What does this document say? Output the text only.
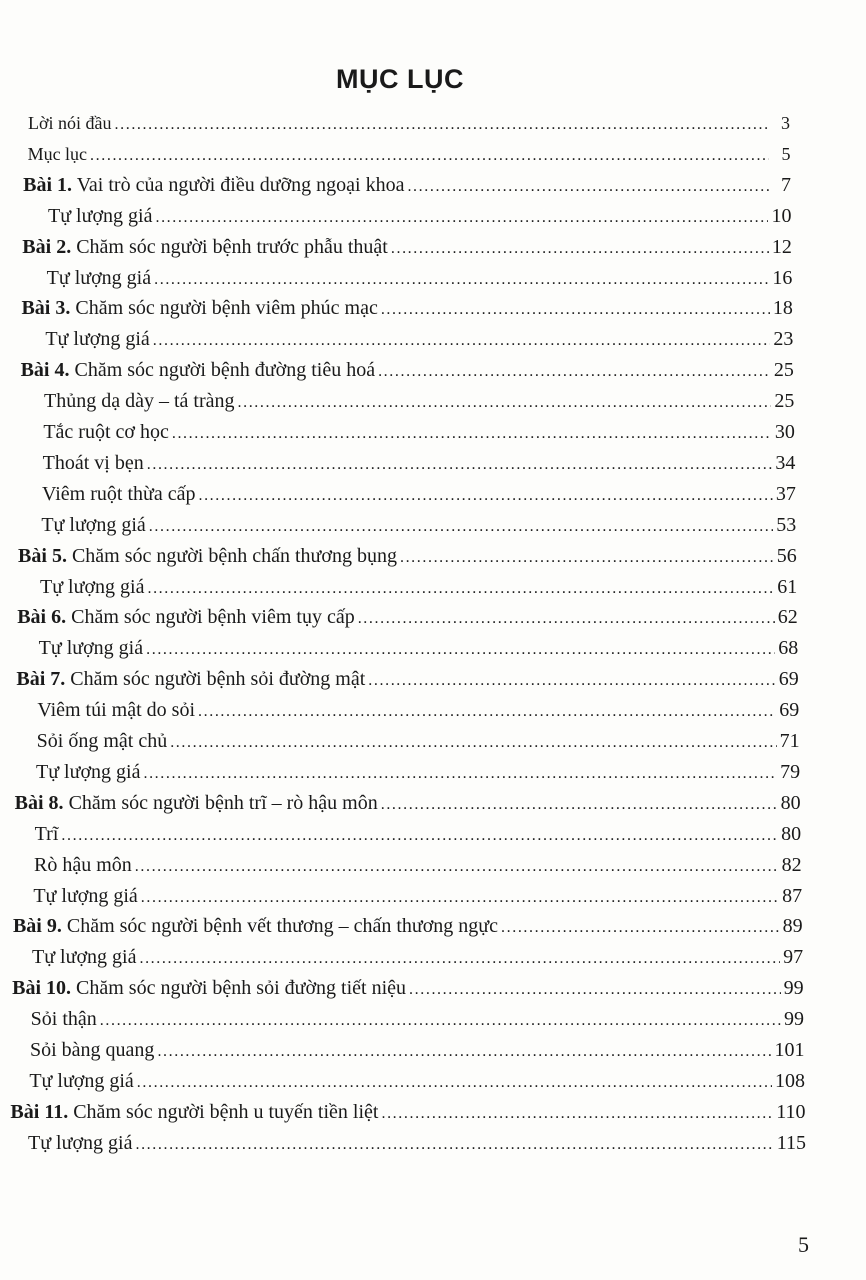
MỤC LỤC
Lời nói đầu .....	3
Mục lục .....	5
Bài 1. Vai trò của người điều dưỡng ngoại khoa .....	7
Tự lượng giá .....	10
Bài 2. Chăm sóc người bệnh trước phẫu thuật .....	12
Tự lượng giá .....	16
Bài 3. Chăm sóc người bệnh viêm phúc mạc .....	18
Tự lượng giá .....	23
Bài 4. Chăm sóc người bệnh đường tiêu hoá .....	25
Thủng dạ dày – tá tràng .....	25
Tắc ruột cơ học .....	30
Thoát vị bẹn .....	34
Viêm ruột thừa cấp .....	37
Tự lượng giá .....	53
Bài 5. Chăm sóc người bệnh chấn thương bụng .....	56
Tự lượng giá .....	61
Bài 6. Chăm sóc người bệnh viêm tụy cấp .....	62
Tự lượng giá .....	68
Bài 7. Chăm sóc người bệnh sỏi đường mật .....	69
Viêm túi mật do sỏi .....	69
Sỏi ống mật chủ .....	71
Tự lượng giá .....	79
Bài 8. Chăm sóc người bệnh trĩ – rò hậu môn .....	80
Trĩ .....	80
Rò hậu môn .....	82
Tự lượng giá .....	87
Bài 9. Chăm sóc người bệnh vết thương – chấn thương ngực .....	89
Tự lượng giá .....	97
Bài 10. Chăm sóc người bệnh sỏi đường tiết niệu .....	99
Sỏi thận .....	99
Sỏi bàng quang .....	101
Tự lượng giá .....	108
Bài 11. Chăm sóc người bệnh u tuyến tiền liệt .....	110
Tự lượng giá .....	115
5
